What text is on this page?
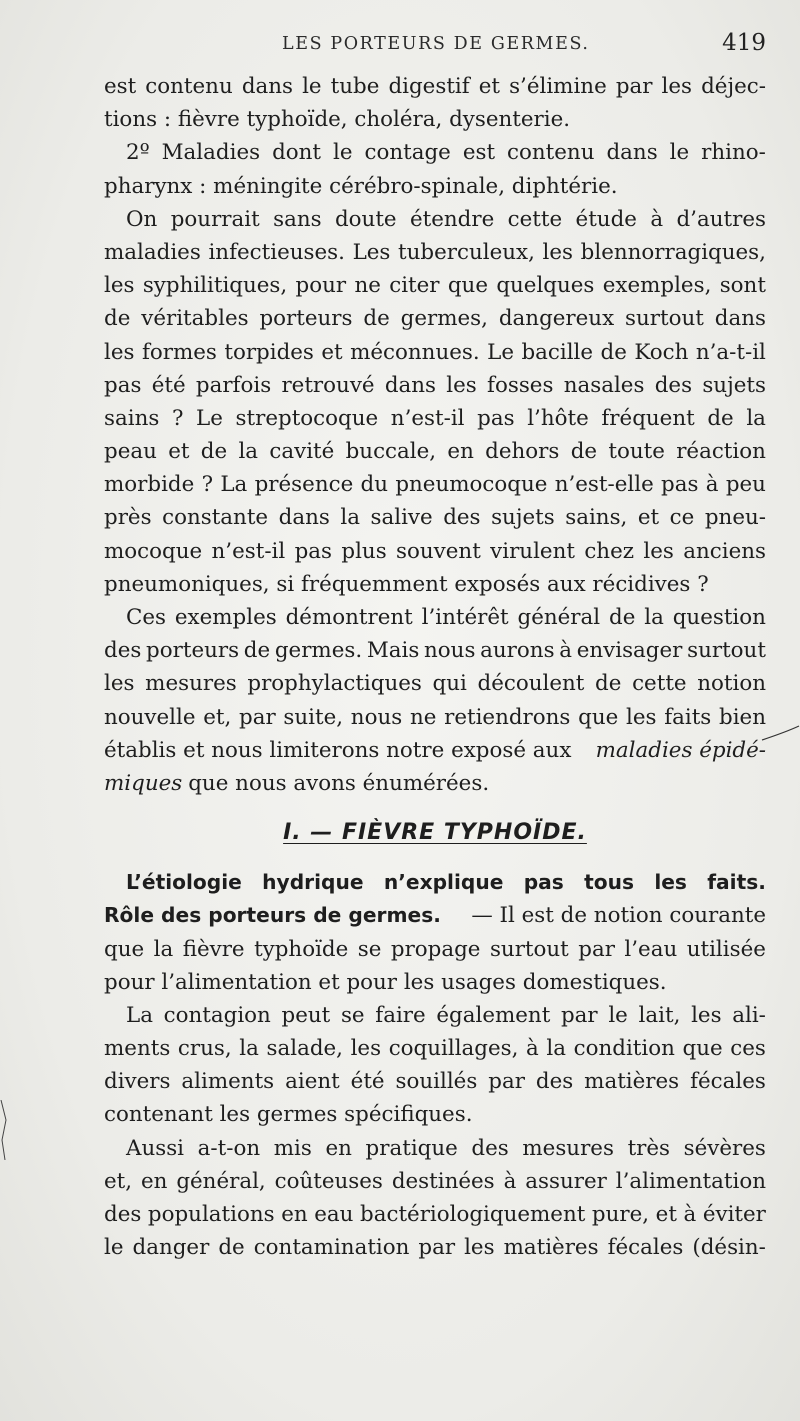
LES PORTEURS DE GERMES.	419
est contenu dans le tube digestif et s’élimine par les déjec-
tions : fièvre typhoïde, choléra, dysenterie.
2º Maladies dont le contage est contenu dans le rhino-
pharynx : méningite cérébro-spinale, diphtérie.
On pourrait sans doute étendre cette étude à d’autres
maladies infectieuses. Les tuberculeux, les blennorragiques,
les syphilitiques, pour ne citer que quelques exemples, sont
de véritables porteurs de germes, dangereux surtout dans
les formes torpides et méconnues. Le bacille de Koch n’a-t-il
pas été parfois retrouvé dans les fosses nasales des sujets
sains ? Le streptocoque n’est-il pas l’hôte fréquent de la
peau et de la cavité buccale, en dehors de toute réaction
morbide ? La présence du pneumocoque n’est-elle pas à peu
près constante dans la salive des sujets sains, et ce pneu-
mocoque n’est-il pas plus souvent virulent chez les anciens
pneumoniques, si fréquemment exposés aux récidives ?
Ces exemples démontrent l’intérêt général de la question
des porteurs de germes. Mais nous aurons à envisager surtout
les mesures prophylactiques qui découlent de cette notion
nouvelle et, par suite, nous ne retiendrons que les faits bien
établis et nous limiterons notre exposé aux maladies épidé-
miques que nous avons énumérées.
I. — FIÈVRE TYPHOÏDE.
L’étiologie hydrique n’explique pas tous les faits.
Rôle des porteurs de germes. — Il est de notion courante
que la fièvre typhoïde se propage surtout par l’eau utilisée
pour l’alimentation et pour les usages domestiques.
La contagion peut se faire également par le lait, les ali-
ments crus, la salade, les coquillages, à la condition que ces
divers aliments aient été souillés par des matières fécales
contenant les germes spécifiques.
Aussi a-t-on mis en pratique des mesures très sévères
et, en général, coûteuses destinées à assurer l’alimentation
des populations en eau bactériologiquement pure, et à éviter
le danger de contamination par les matières fécales (désin-
